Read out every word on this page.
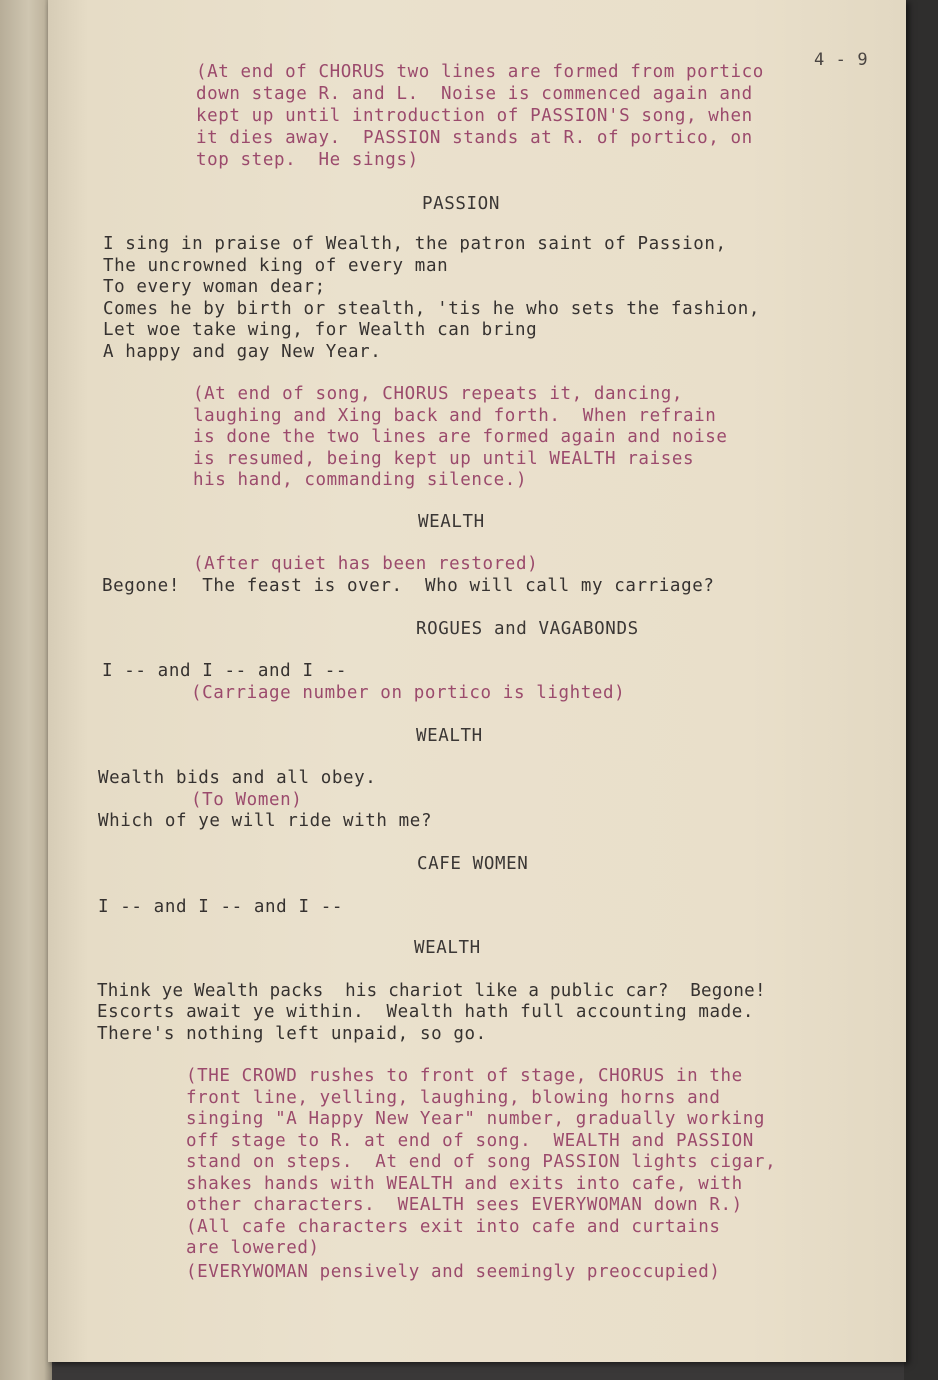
4 - 9
(At end of CHORUS two lines are formed from portico
down stage R. and L.  Noise is commenced again and
kept up until introduction of PASSION'S song, when
it dies away.  PASSION stands at R. of portico, on
top step.  He sings)
PASSION
I sing in praise of Wealth, the patron saint of Passion,
The uncrowned king of every man
To every woman dear;
Comes he by birth or stealth, 'tis he who sets the fashion,
Let woe take wing, for Wealth can bring
A happy and gay New Year.
(At end of song, CHORUS repeats it, dancing,
laughing and Xing back and forth.  When refrain
is done the two lines are formed again and noise
is resumed, being kept up until WEALTH raises
his hand, commanding silence.)
WEALTH
(After quiet has been restored)
Begone!  The feast is over.  Who will call my carriage?
ROGUES and VAGABONDS
I -- and I -- and I --
(Carriage number on portico is lighted)
WEALTH
Wealth bids and all obey.
(To Women)
Which of ye will ride with me?
CAFE WOMEN
I -- and I -- and I --
WEALTH
Think ye Wealth packs  his chariot like a public car?  Begone!
Escorts await ye within.  Wealth hath full accounting made.
There's nothing left unpaid, so go.
(THE CROWD rushes to front of stage, CHORUS in the
front line, yelling, laughing, blowing horns and
singing "A Happy New Year" number, gradually working
off stage to R. at end of song.  WEALTH and PASSION
stand on steps.  At end of song PASSION lights cigar,
shakes hands with WEALTH and exits into cafe, with
other characters.  WEALTH sees EVERYWOMAN down R.)
(All cafe characters exit into cafe and curtains
are lowered)
(EVERYWOMAN pensively and seemingly preoccupied)
